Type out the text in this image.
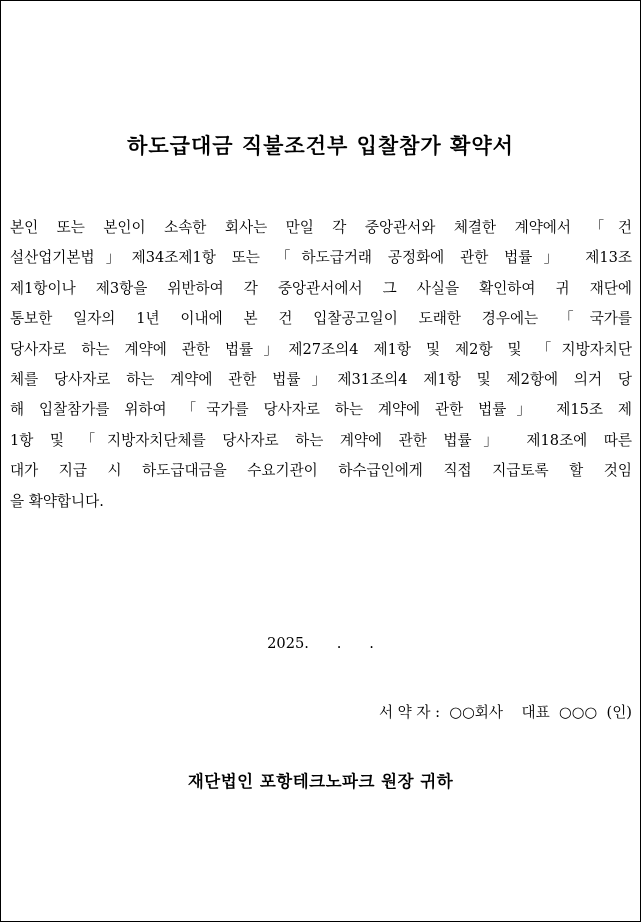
하도급대금 직불조건부 입찰참가 확약서
본인 또는 본인이 소속한 회사는 만일 각 중앙관서와 체결한 계약에서 「건
설산업기본법」제34조제1항 또는 「하도급거래 공정화에 관한 법률」 제13조
제1항이나 제3항을 위반하여 각 중앙관서에서 그 사실을 확인하여 귀 재단에
통보한 일자의 1년 이내에 본 건 입찰공고일이 도래한 경우에는 「국가를
당사자로 하는 계약에 관한 법률」제27조의4 제1항 및 제2항 및 「지방자치단
체를 당사자로 하는 계약에 관한 법률」제31조의4 제1항 및 제2항에 의거 당
해 입찰참가를 위하여 「국가를 당사자로 하는 계약에 관한 법률」 제15조 제
1항 및 「지방자치단체를 당사자로 하는 계약에 관한 법률」 제18조에 따른
대가 지급 시 하도급대금을 수요기관이 하수급인에게 직접 지급토록 할 것임
을 확약합니다.
2025.      .      .
서 약 자 :  ○○회사    대표  ○○○  (인)
재단법인 포항테크노파크 원장 귀하
